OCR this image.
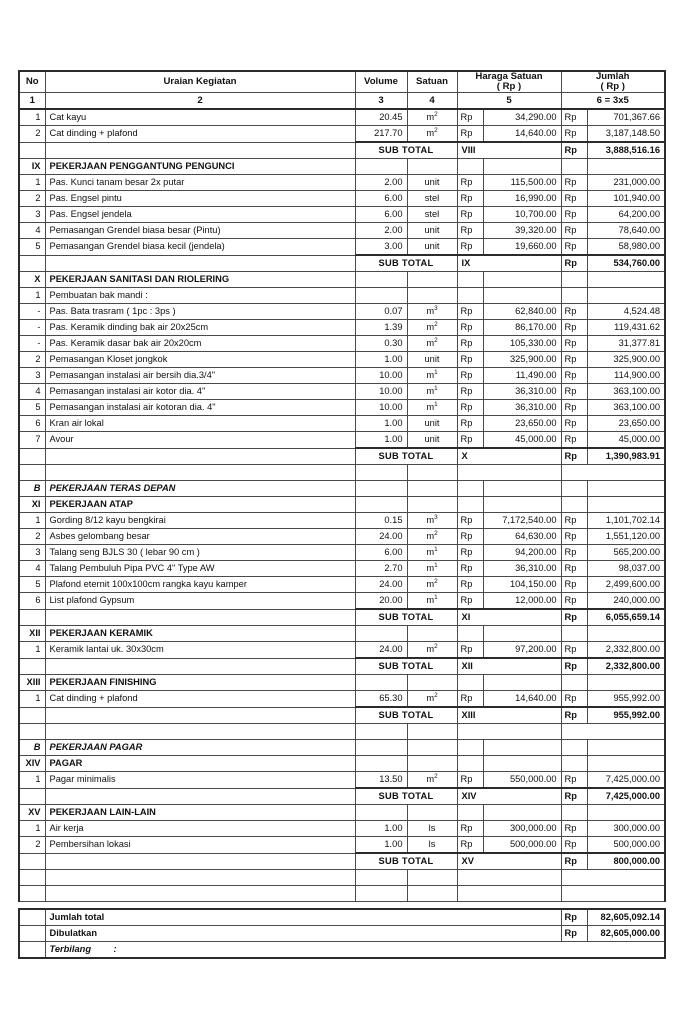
No	Uraian Kegiatan	Volume	Satuan	Haraga Satuan
( Rp )		Jumlah
( Rp )	
1	2	3	4	5		6 = 3x5	
1	Cat kayu	20.45	$m^2$	Rp	34,290.00	Rp	701,367.66
2	Cat dinding + plafond	217.70	$m^2$	Rp	14,640.00	Rp	3,187,148.50
		SUB TOTAL		VIII		Rp	3,888,516.16
IX	PEKERJAAN PENGGANTUNG PENGUNCI						
1	Pas. Kunci tanam besar 2x putar	2.00	unit	Rp	115,500.00	Rp	231,000.00
2	Pas. Engsel pintu	6.00	stel	Rp	16,990.00	Rp	101,940.00
3	Pas. Engsel jendela	6.00	stel	Rp	10,700.00	Rp	64,200.00
4	Pemasangan Grendel biasa besar (Pintu)	2.00	unit	Rp	39,320.00	Rp	78,640.00
5	Pemasangan Grendel biasa kecil (jendela)	3.00	unit	Rp	19,660.00	Rp	58,980.00
		SUB TOTAL		IX		Rp	534,760.00
X	PEKERJAAN SANITASI DAN RIOLERING						
1	Pembuatan bak mandi :						
-	Pas. Bata trasram ( 1pc : 3ps )	0.07	$m^3$	Rp	62,840.00	Rp	4,524.48
-	Pas. Keramik dinding bak air 20x25cm	1.39	$m^2$	Rp	86,170.00	Rp	119,431.62
-	Pas. Keramik dasar bak air 20x20cm	0.30	$m^2$	Rp	105,330.00	Rp	31,377.81
2	Pemasangan Kloset jongkok	1.00	unit	Rp	325,900.00	Rp	325,900.00
3	Pemasangan instalasi air bersih dia.3/4"	10.00	$m^1$	Rp	11,490.00	Rp	114,900.00
4	Pemasangan instalasi air kotor dia. 4"	10.00	$m^1$	Rp	36,310.00	Rp	363,100.00
5	Pemasangan instalasi air kotoran dia. 4"	10.00	$m^1$	Rp	36,310.00	Rp	363,100.00
6	Kran air lokal	1.00	unit	Rp	23,650.00	Rp	23,650.00
7	Avour	1.00	unit	Rp	45,000.00	Rp	45,000.00
		SUB TOTAL		X		Rp	1,390,983.91

B	PEKERJAAN TERAS DEPAN						
XI	PEKERJAAN ATAP						
1	Gording 8/12 kayu bengkirai	0.15	$m^3$	Rp	7,172,540.00	Rp	1,101,702.14
2	Asbes gelombang besar	24.00	$m^2$	Rp	64,630.00	Rp	1,551,120.00
3	Talang seng BJLS 30 ( lebar 90 cm )	6.00	$m^1$	Rp	94,200.00	Rp	565,200.00
4	Talang Pembuluh Pipa PVC 4" Type AW	2.70	$m^1$	Rp	36,310.00	Rp	98,037.00
5	Plafond eternit 100x100cm rangka kayu kamper	24.00	$m^2$	Rp	104,150.00	Rp	2,499,600.00
6	List plafond Gypsum	20.00	$m^1$	Rp	12,000.00	Rp	240,000.00
		SUB TOTAL		XI		Rp	6,055,659.14
XII	PEKERJAAN KERAMIK						
1	Keramik lantai uk. 30x30cm	24.00	$m^2$	Rp	97,200.00	Rp	2,332,800.00
		SUB TOTAL		XII		Rp	2,332,800.00
XIII	PEKERJAAN FINISHING						
1	Cat dinding + plafond	65.30	$m^2$	Rp	14,640.00	Rp	955,992.00
		SUB TOTAL		XIII		Rp	955,992.00

B	PEKERJAAN PAGAR						
XIV	PAGAR						
1	Pagar minimalis	13.50	$m^2$	Rp	550,000.00	Rp	7,425,000.00
		SUB TOTAL		XIV		Rp	7,425,000.00
XV	PEKERJAAN LAIN-LAIN						
1	Air kerja	1.00	ls	Rp	300,000.00	Rp	300,000.00
2	Pembersihan lokasi	1.00	ls	Rp	500,000.00	Rp	500,000.00
		SUB TOTAL		XV		Rp	800,000.00

	Jumlah total					Rp	82,605,092.14
	Dibulatkan					Rp	82,605,000.00
	Terbilang :						
